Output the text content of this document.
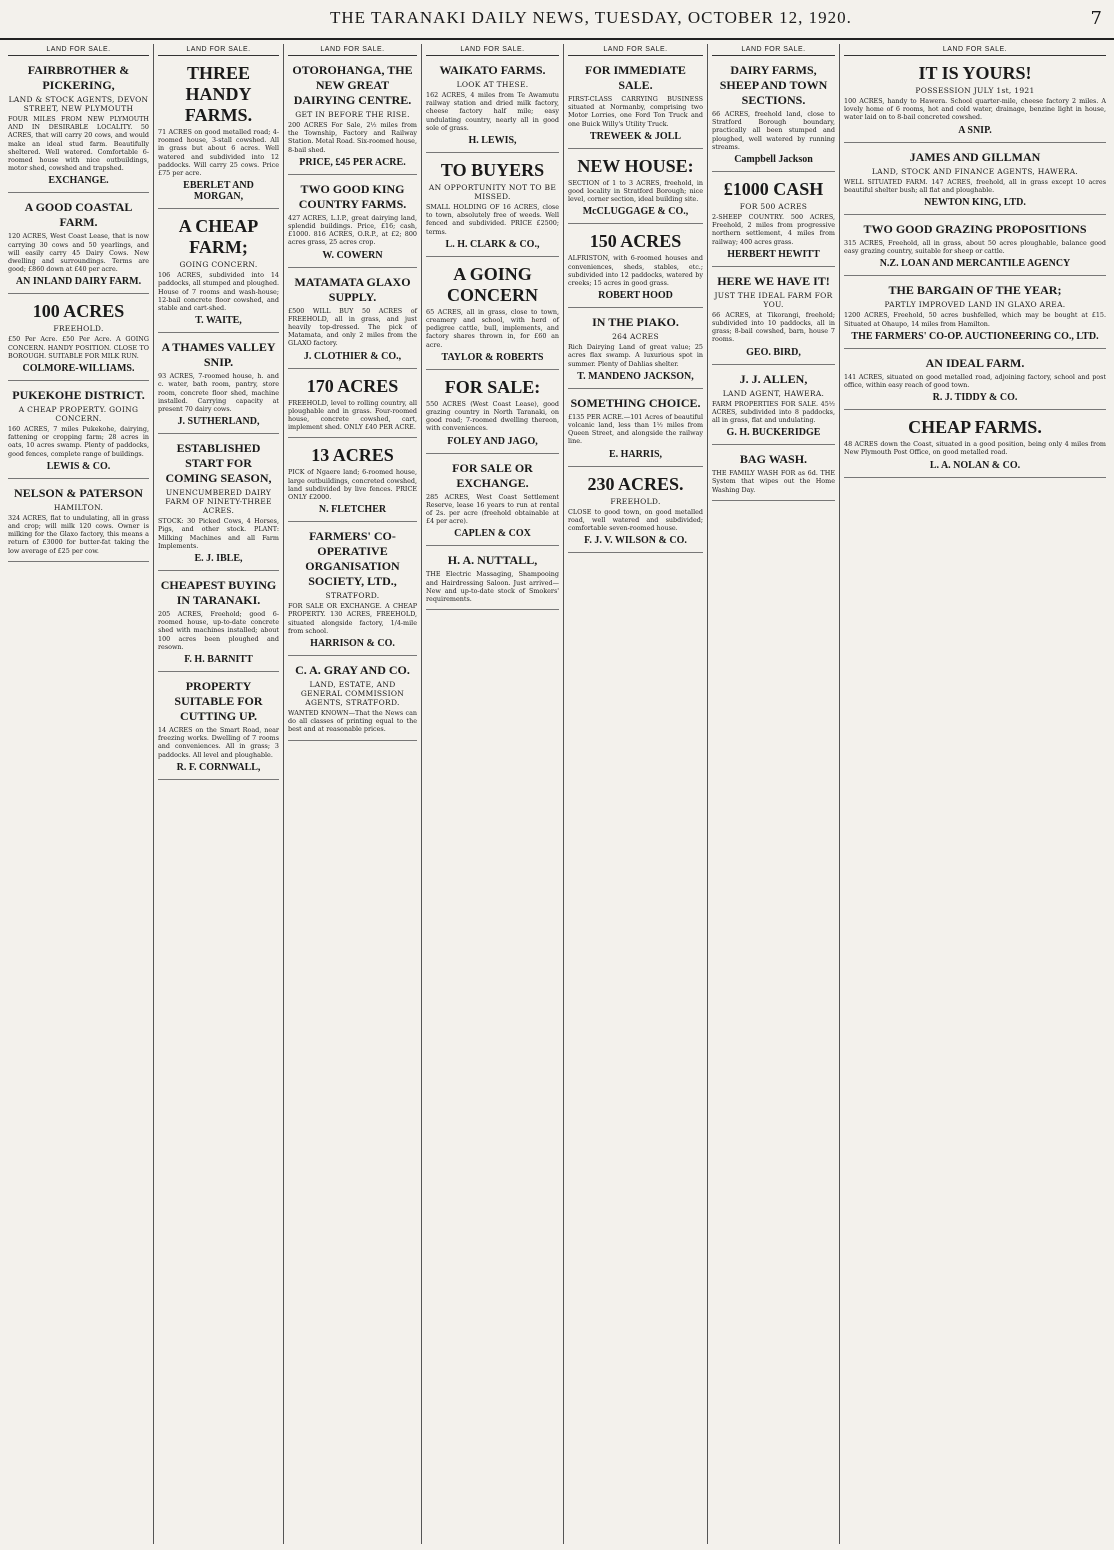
THE TARANAKI DAILY NEWS, TUESDAY, OCTOBER 12, 1920.	7
LAND FOR SALE.
FAIRBROTHER & PICKERING,
LAND & STOCK AGENTS, DEVON STREET, NEW PLYMOUTH

FOUR MILES FROM NEW PLYMOUTH AND IN DESIRABLE LOCALITY. 50 ACRES, that will carry 20 cows, and would make an ideal stud farm. Beautifully sheltered. Well watered. Comfortable 6-roomed house with nice outbuildings, motor shed, cowshed and trapshed.

EXCHANGE.
A GOOD COASTAL FARM.

120 ACRES, West Coast Lease, that is now carrying 30 cows and 50 yearlings, and will easily carry 45 Dairy Cows. New dwelling and surroundings. Terms are good; £860 down at £40 per acre.

AN INLAND DAIRY FARM.
100 ACRES
FREEHOLD.

£50 Per Acre. £50 Per Acre. A GOING CONCERN. HANDY POSITION. CLOSE TO BOROUGH. SUITABLE FOR MILK RUN.

COLMORE-WILLIAMS.
PUKEKOHE DISTRICT.
A CHEAP PROPERTY. GOING CONCERN.

160 ACRES, 7 miles Pukekohe, dairying, fattening or cropping farm; 28 acres in oats, 10 acres swamp. Plenty of paddocks, good fences, complete range of buildings.

LEWIS & CO.
NELSON & PATERSON
HAMILTON.

324 ACRES, flat to undulating, all in grass and crop; will milk 120 cows. Owner is milking for the Glaxo factory, this means a return of £3000 for butter-fat taking the low average of £25 per cow.

LAND FOR SALE.
THREE HANDY FARMS.

71 ACRES on good metalled road; 4-roomed house, 3-stall cowshed. All in grass but about 6 acres. Well watered and subdivided into 12 paddocks. Will carry 25 cows. Price £75 per acre.

EBERLET AND MORGAN,
A CHEAP FARM;
GOING CONCERN.

106 ACRES, subdivided into 14 paddocks, all stumped and ploughed. House of 7 rooms and wash-house; 12-bail concrete floor cowshed, and stable and cart-shed.

T. WAITE,
A THAMES VALLEY SNIP.

93 ACRES, 7-roomed house, h. and c. water, bath room, pantry, store room, concrete floor shed, machine installed. Carrying capacity at present 70 dairy cows.

J. SUTHERLAND,
ESTABLISHED START FOR COMING SEASON,
UNENCUMBERED DAIRY FARM OF NINETY-THREE ACRES.

STOCK: 30 Picked Cows, 4 Horses, Pigs, and other stock. PLANT: Milking Machines and all Farm Implements.

E. J. IBLE,
CHEAPEST BUYING IN TARANAKI.

205 ACRES, Freehold; good 6-roomed house, up-to-date concrete shed with machines installed; about 100 acres been ploughed and resown.

F. H. BARNITT
PROPERTY SUITABLE FOR CUTTING UP.

14 ACRES on the Smart Road, near freezing works. Dwelling of 7 rooms and conveniences. All in grass; 3 paddocks. All level and ploughable.

R. F. CORNWALL,
LAND FOR SALE.
OTOROHANGA, THE NEW GREAT DAIRYING CENTRE.
GET IN BEFORE THE RISE.

200 ACRES For Sale, 2½ miles from the Township, Factory and Railway Station. Metal Road. Six-roomed house, 8-bail shed.

PRICE, £45 PER ACRE.
TWO GOOD KING COUNTRY FARMS.

427 ACRES, L.I.P., great dairying land, splendid buildings. Price, £16; cash, £1000. 816 ACRES, O.R.P., at £2; 800 acres grass, 25 acres crop.

W. COWERN
MATAMATA GLAXO SUPPLY.

£500 WILL BUY 50 ACRES of FREEHOLD, all in grass, and just heavily top-dressed. The pick of Matamata, and only 2 miles from the GLAXO factory.

J. CLOTHIER & CO.,
170 ACRES

FREEHOLD, level to rolling country, all ploughable and in grass. Four-roomed house, concrete cowshed, cart, implement shed. ONLY £40 PER ACRE.

13 ACRES

PICK of Ngaere land; 6-roomed house, large outbuildings, concreted cowshed, land subdivided by live fences. PRICE ONLY £2000.

N. FLETCHER
FARMERS' CO-OPERATIVE ORGANISATION SOCIETY, LTD.,
STRATFORD.

FOR SALE OR EXCHANGE. A CHEAP PROPERTY. 130 ACRES, FREEHOLD, situated alongside factory, 1/4-mile from school.

HARRISON & CO.
C. A. GRAY AND CO.
LAND, ESTATE, AND GENERAL COMMISSION AGENTS, STRATFORD.

WANTED KNOWN—That the News can do all classes of printing equal to the best and at reasonable prices.

LAND FOR SALE.
WAIKATO FARMS.
LOOK AT THESE.

162 ACRES, 4 miles from Te Awamutu railway station and dried milk factory, cheese factory half mile; easy undulating country, nearly all in good sole of grass.

H. LEWIS,
TO BUYERS
AN OPPORTUNITY NOT TO BE MISSED.

SMALL HOLDING OF 16 ACRES, close to town, absolutely free of weeds. Well fenced and subdivided. PRICE £2500; terms.

L. H. CLARK & CO.,
A GOING CONCERN

65 ACRES, all in grass, close to town, creamery and school, with herd of pedigree cattle, bull, implements, and factory shares thrown in, for £60 an acre.

TAYLOR & ROBERTS
FOR SALE:

550 ACRES (West Coast Lease), good grazing country in North Taranaki, on good road; 7-roomed dwelling thereon, with conveniences.

FOLEY AND JAGO,
FOR SALE OR EXCHANGE.

285 ACRES, West Coast Settlement Reserve, lease 16 years to run at rental of 2s. per acre (freehold obtainable at £4 per acre).

CAPLEN & COX
H. A. NUTTALL,

THE Electric Massaging, Shampooing and Hairdressing Saloon. Just arrived—New and up-to-date stock of Smokers' requirements.

LAND FOR SALE.
FOR IMMEDIATE SALE.

FIRST-CLASS CARRYING BUSINESS situated at Normanby, comprising two Motor Lorries, one Ford Ton Truck and one Buick Willy's Utility Truck.

TREWEEK & JOLL
NEW HOUSE:

SECTION of 1 to 3 ACRES, freehold, in good locality in Stratford Borough; nice level, corner section, ideal building site.

McCLUGGAGE & CO.,
150 ACRES

ALFRISTON, with 6-roomed houses and conveniences, sheds, stables, etc.; subdivided into 12 paddocks, watered by creeks; 15 acres in good grass.

ROBERT HOOD
IN THE PIAKO.
264 ACRES

Rich Dairying Land of great value; 25 acres flax swamp. A luxurious spot in summer. Plenty of Dahlias shelter.

T. MANDENO JACKSON,
SOMETHING CHOICE.

£135 PER ACRE.—101 Acres of beautiful volcanic land, less than 1½ miles from Queen Street, and alongside the railway line.

E. HARRIS,
230 ACRES.
FREEHOLD.

CLOSE to good town, on good metalled road, well watered and subdivided; comfortable seven-roomed house.

F. J. V. WILSON & CO.
LAND FOR SALE.
DAIRY FARMS, SHEEP AND TOWN SECTIONS.

66 ACRES, freehold land, close to Stratford Borough boundary, practically all been stumped and ploughed, well watered by running streams.

Campbell Jackson
£1000 CASH
FOR 500 ACRES

2-SHEEP COUNTRY. 500 ACRES, Freehold, 2 miles from progressive northern settlement, 4 miles from railway; 400 acres grass.

HERBERT HEWITT
HERE WE HAVE IT!
JUST THE IDEAL FARM FOR YOU.

66 ACRES, at Tikorangi, freehold; subdivided into 10 paddocks, all in grass; 8-bail cowshed, barn, house 7 rooms.

GEO. BIRD,
J. J. ALLEN,
LAND AGENT, HAWERA.

FARM PROPERTIES FOR SALE. 45½ ACRES, subdivided into 8 paddocks, all in grass, flat and undulating.

G. H. BUCKERIDGE
BAG WASH.

THE FAMILY WASH FOR as 6d. THE System that wipes out the Home Washing Day.

LAND FOR SALE.
IT IS YOURS!
POSSESSION JULY 1st, 1921

100 ACRES, handy to Hawera. School quarter-mile, cheese factory 2 miles. A lovely home of 6 rooms, hot and cold water, drainage, benzine light in house, water laid on to 8-bail concreted cowshed.

A SNIP.
JAMES AND GILLMAN
LAND, STOCK AND FINANCE AGENTS, HAWERA.

WELL SITUATED FARM. 147 ACRES, freehold, all in grass except 10 acres beautiful shelter bush; all flat and ploughable.

NEWTON KING, LTD.
TWO GOOD GRAZING PROPOSITIONS

315 ACRES, Freehold, all in grass, about 50 acres ploughable, balance good easy grazing country, suitable for sheep or cattle.

N.Z. LOAN AND MERCANTILE AGENCY
THE BARGAIN OF THE YEAR;
PARTLY IMPROVED LAND IN GLAXO AREA.

1200 ACRES, Freehold, 50 acres bushfelled, which may be bought at £15. Situated at Ohaupo, 14 miles from Hamilton.

THE FARMERS' CO-OP. AUCTIONEERING CO., LTD.
AN IDEAL FARM.

141 ACRES, situated on good metalled road, adjoining factory, school and post office, within easy reach of good town.

R. J. TIDDY & CO.
CHEAP FARMS.

48 ACRES down the Coast, situated in a good position, being only 4 miles from New Plymouth Post Office, on good metalled road.

L. A. NOLAN & CO.
